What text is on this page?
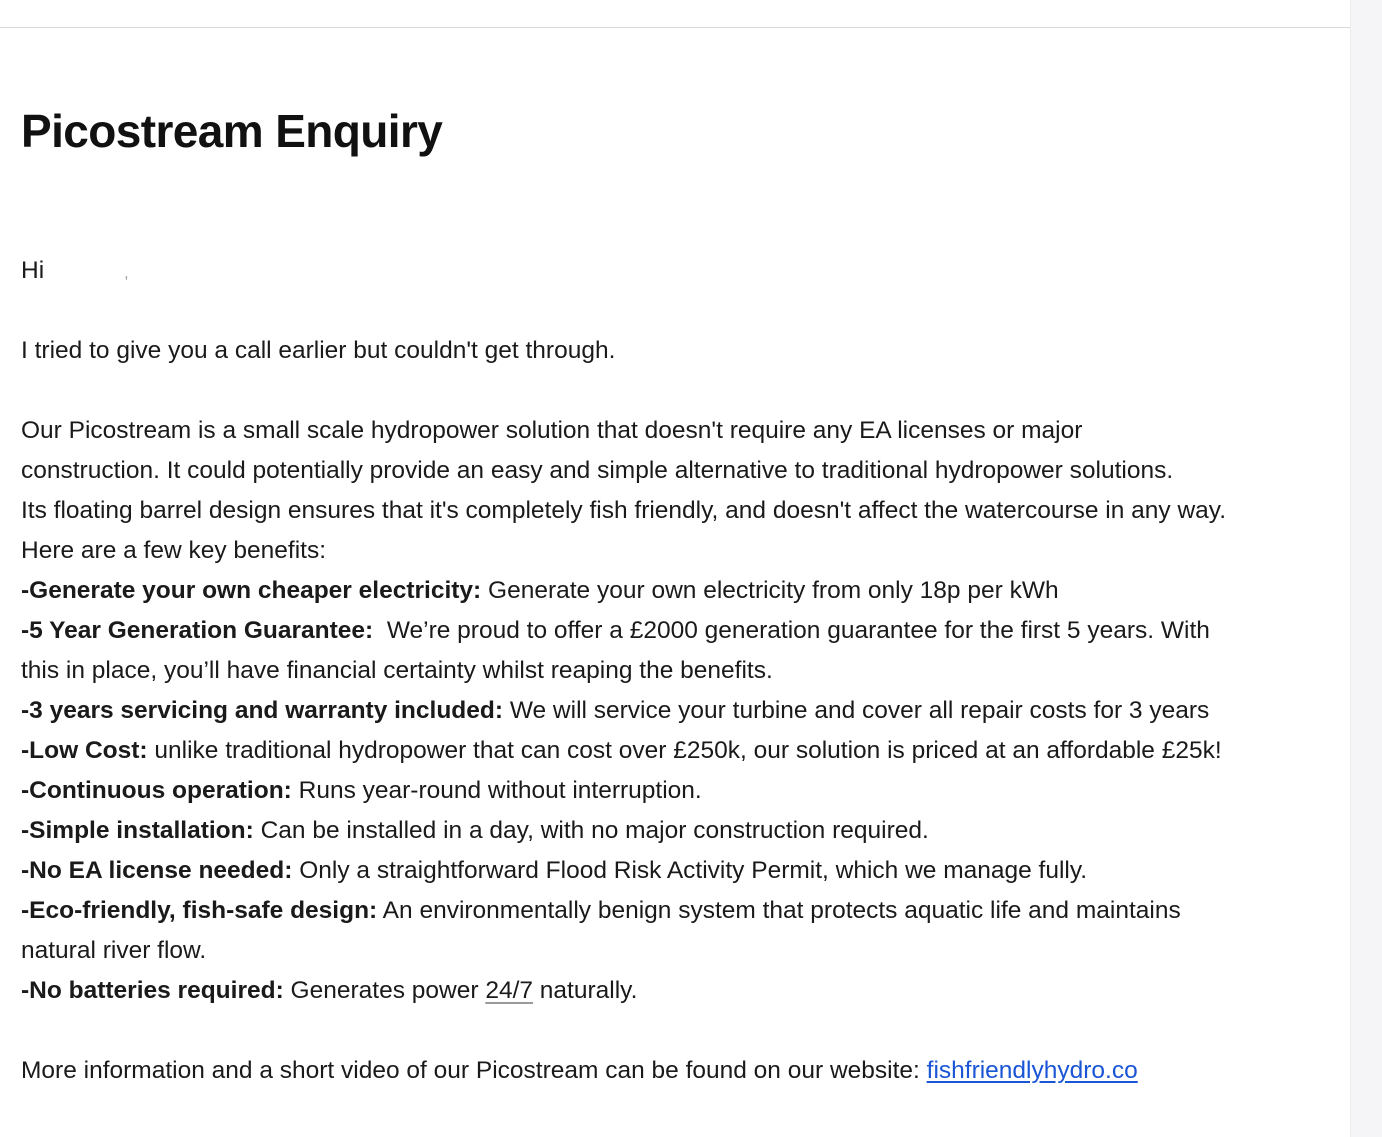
Picostream Enquiry
Hi	,
I tried to give you a call earlier but couldn't get through.
Our Picostream is a small scale hydropower solution that doesn't require any EA licenses or major
construction. It could potentially provide an easy and simple alternative to traditional hydropower solutions.
Its floating barrel design ensures that it's completely fish friendly, and doesn't affect the watercourse in any way.
Here are a few key benefits:
-Generate your own cheaper electricity: Generate your own electricity from only 18p per kWh
-5 Year Generation Guarantee:  We’re proud to offer a £2000 generation guarantee for the first 5 years. With
this in place, you’ll have financial certainty whilst reaping the benefits.
-3 years servicing and warranty included: We will service your turbine and cover all repair costs for 3 years
-Low Cost: unlike traditional hydropower that can cost over £250k, our solution is priced at an affordable £25k!
-Continuous operation: Runs year-round without interruption.
-Simple installation: Can be installed in a day, with no major construction required.
-No EA license needed: Only a straightforward Flood Risk Activity Permit, which we manage fully.
-Eco-friendly, fish-safe design: An environmentally benign system that protects aquatic life and maintains
natural river flow.
-No batteries required: Generates power 24/7 naturally.
More information and a short video of our Picostream can be found on our website: fishfriendlyhydro.co
